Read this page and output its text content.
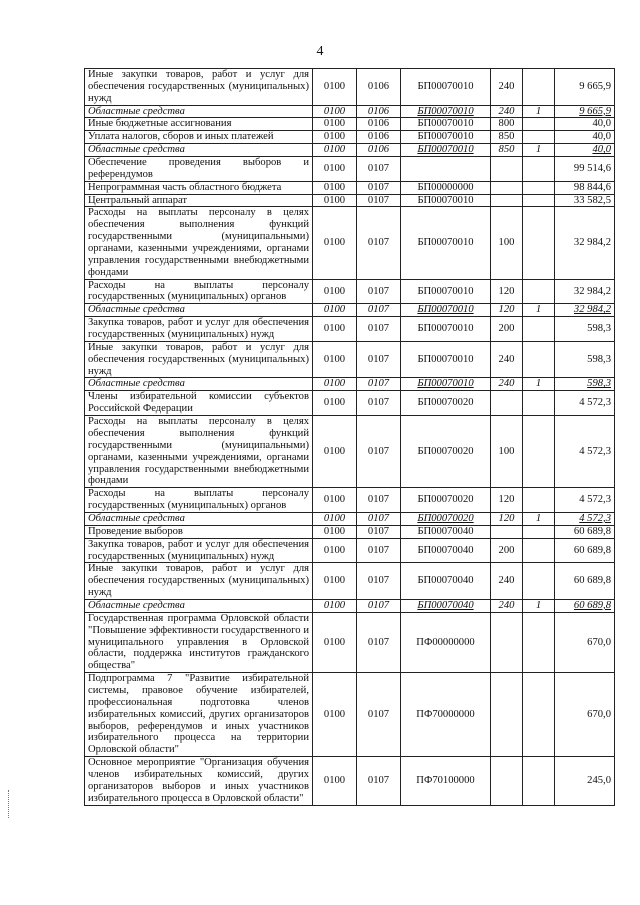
4
Иные закупки товаров, работ и услуг для обеспечения государственных (муниципальных) нужд	0100	0106	БП00070010	240		9 665,9
Областные средства	0100	0106	БП00070010	240	1	9 665,9
Иные бюджетные ассигнования	0100	0106	БП00070010	800		40,0
Уплата налогов, сборов и иных платежей	0100	0106	БП00070010	850		40,0
Областные средства	0100	0106	БП00070010	850	1	40,0
Обеспечение проведения выборов и референдумов	0100	0107				99 514,6
Непрограммная часть областного бюджета	0100	0107	БП00000000			98 844,6
Центральный аппарат	0100	0107	БП00070010			33 582,5
Расходы на выплаты персоналу в целях обеспечения выполнения функций государственными (муниципальными) органами, казенными учреждениями, органами управления государственными внебюджетными фондами	0100	0107	БП00070010	100		32 984,2
Расходы на выплаты персоналу государственных (муниципальных) органов	0100	0107	БП00070010	120		32 984,2
Областные средства	0100	0107	БП00070010	120	1	32 984,2
Закупка товаров, работ и услуг для обеспечения государственных (муниципальных) нужд	0100	0107	БП00070010	200		598,3
Иные закупки товаров, работ и услуг для обеспечения государственных (муниципальных) нужд	0100	0107	БП00070010	240		598,3
Областные средства	0100	0107	БП00070010	240	1	598,3
Члены избирательной комиссии субъектов Российской Федерации	0100	0107	БП00070020			4 572,3
Расходы на выплаты персоналу в целях обеспечения выполнения функций государственными (муниципальными) органами, казенными учреждениями, органами управления государственными внебюджетными фондами	0100	0107	БП00070020	100		4 572,3
Расходы на выплаты персоналу государственных (муниципальных) органов	0100	0107	БП00070020	120		4 572,3
Областные средства	0100	0107	БП00070020	120	1	4 572,3
Проведение выборов	0100	0107	БП00070040			60 689,8
Закупка товаров, работ и услуг для обеспечения государственных (муниципальных) нужд	0100	0107	БП00070040	200		60 689,8
Иные закупки товаров, работ и услуг для обеспечения государственных (муниципальных) нужд	0100	0107	БП00070040	240		60 689,8
Областные средства	0100	0107	БП00070040	240	1	60 689,8
Государственная программа Орловской области "Повышение эффективности государственного и муниципального управления в Орловской области, поддержка институтов гражданского общества"	0100	0107	ПФ00000000			670,0
Подпрограмма 7 "Развитие избирательной системы, правовое обучение избирателей, профессиональная подготовка членов избирательных комиссий, других организаторов выборов, референдумов и иных участников избирательного процесса на территории Орловской области"	0100	0107	ПФ70000000			670,0
Основное мероприятие "Организация обучения членов избирательных комиссий, других организаторов выборов и иных участников избирательного процесса в Орловской области"	0100	0107	ПФ70100000			245,0
